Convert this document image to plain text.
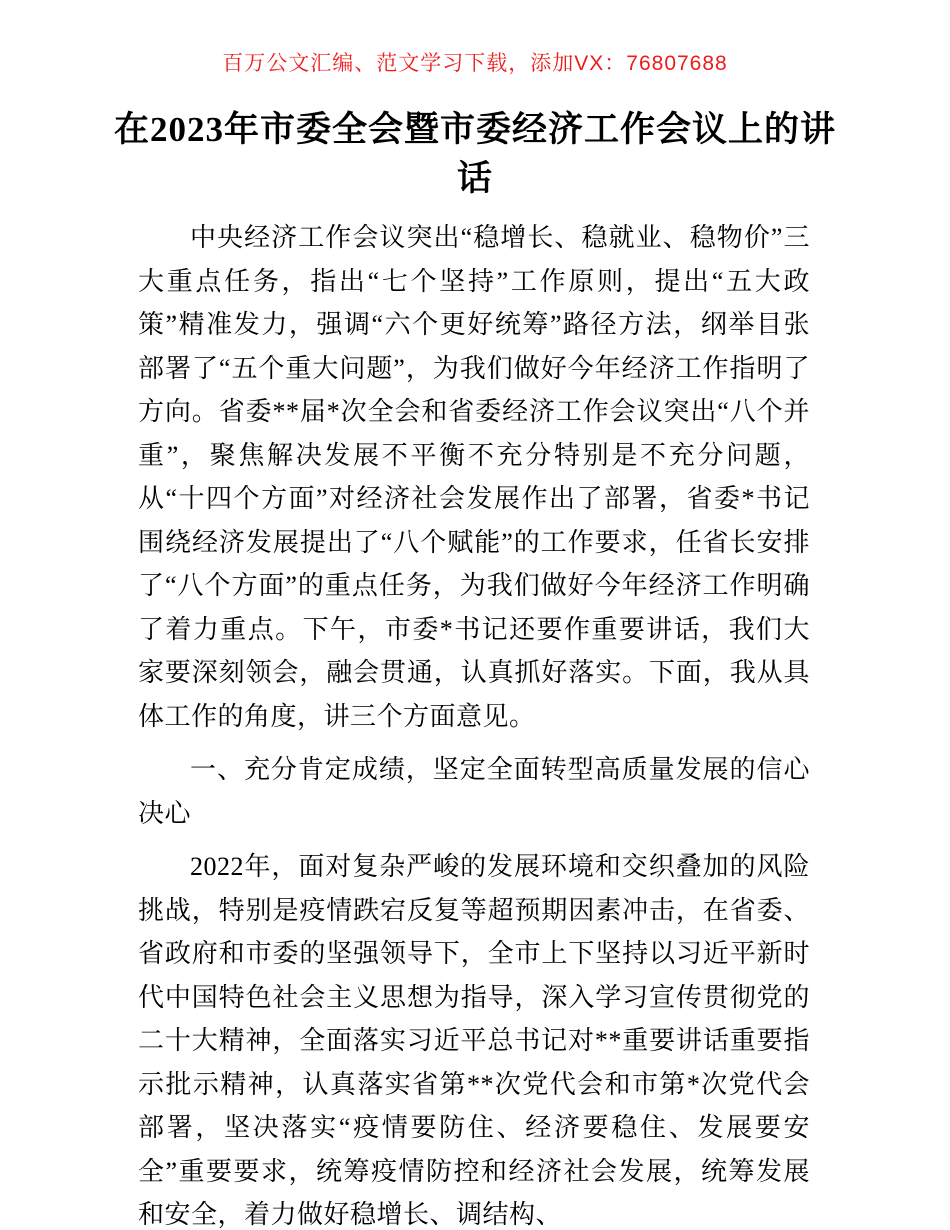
百万公文汇编、范文学习下载，添加VX：76807688
在2023年市委全会暨市委经济工作会议上的讲话

中央经济工作会议突出“稳增长、稳就业、稳物价”三大重点任务，指出“七个坚持”工作原则，提出“五大政策”精准发力，强调“六个更好统筹”路径方法，纲举目张部署了“五个重大问题”，为我们做好今年经济工作指明了方向。省委**届*次全会和省委经济工作会议突出“八个并重”，聚焦解决发展不平衡不充分特别是不充分问题，从“十四个方面”对经济社会发展作出了部署，省委*书记围绕经济发展提出了“八个赋能”的工作要求，任省长安排了“八个方面”的重点任务，为我们做好今年经济工作明确了着力重点。下午，市委*书记还要作重要讲话，我们大家要深刻领会，融会贯通，认真抓好落实。下面，我从具体工作的角度，讲三个方面意见。

一、充分肯定成绩，坚定全面转型高质量发展的信心决心

2022年，面对复杂严峻的发展环境和交织叠加的风险挑战，特别是疫情跌宕反复等超预期因素冲击，在省委、省政府和市委的坚强领导下，全市上下坚持以习近平新时代中国特色社会主义思想为指导，深入学习宣传贯彻党的二十大精神，全面落实习近平总书记对**重要讲话重要指示批示精神，认真落实省第**次党代会和市第*次党代会部署，坚决落实“疫情要防住、经济要稳住、发展要安全”重要要求，统筹疫情防控和经济社会发展，统筹发展和安全，着力做好稳增长、调结构、
